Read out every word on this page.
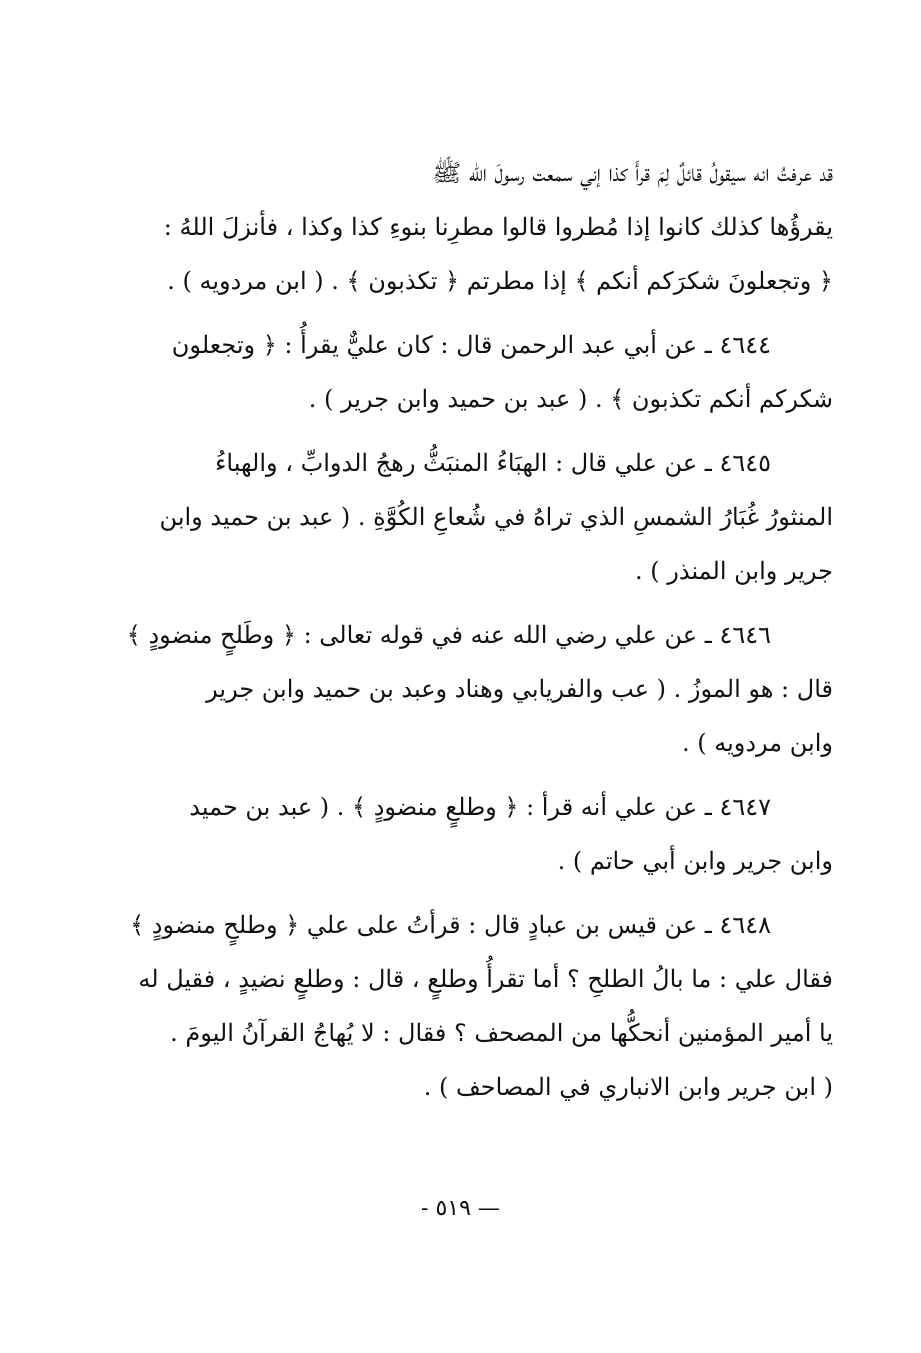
قد عرفتُ انه سيقولُ قائلٌ لِمَ قرأَ كذا إني سمعت رسولَ الله ﷺ
يقرؤُها كذلك كانوا إذا مُطروا قالوا مطرِنا بنوءِ كذا وكذا ، فأنزلَ اللهُ :
﴿ وتجعلونَ شكرَكم أنكم ﴾ إذا مطرتم ﴿ تكذبون ﴾ . ( ابن مردويه ) .

٤٦٤٤ ـ عن أبي عبد الرحمن قال : كان عليٌّ يقرأُ : ﴿ وتجعلون
شكركم أنكم تكذبون ﴾ . ( عبد بن حميد وابن جرير ) .

٤٦٤٥ ـ عن علي قال : الهبَاءُ المنبَثُّ رهجُ الدوابِّ ، والهباءُ
المنثورُ غُبَارُ الشمسِ الذي تراهُ في شُعاعِ الكُوَّةِ . ( عبد بن حميد وابن
جرير وابن المنذر ) .

٤٦٤٦ ـ عن علي رضي الله عنه في قوله تعالى : ﴿ وطَلحٍ منضودٍ ﴾
قال : هو الموزُ . ( عب والفريابي وهناد وعبد بن حميد وابن جرير
وابن مردويه ) .

٤٦٤٧ ـ عن علي أنه قرأ : ﴿ وطلعٍ منضودٍ ﴾ . ( عبد بن حميد
وابن جرير وابن أبي حاتم ) .

٤٦٤٨ ـ عن قيس بن عبادٍ قال : قرأتُ على علي ﴿ وطلحٍ منضودٍ ﴾
فقال علي : ما بالُ الطلحِ ؟ أما تقرأُ وطلعٍ ، قال : وطلعٍ نضيدٍ ، فقيل له
يا أمير المؤمنين أنحكُّها من المصحف ؟ فقال : لا يُهاجُ القرآنُ اليومَ .
( ابن جرير وابن الانباري في المصاحف ) .

— ٥١٩ -
